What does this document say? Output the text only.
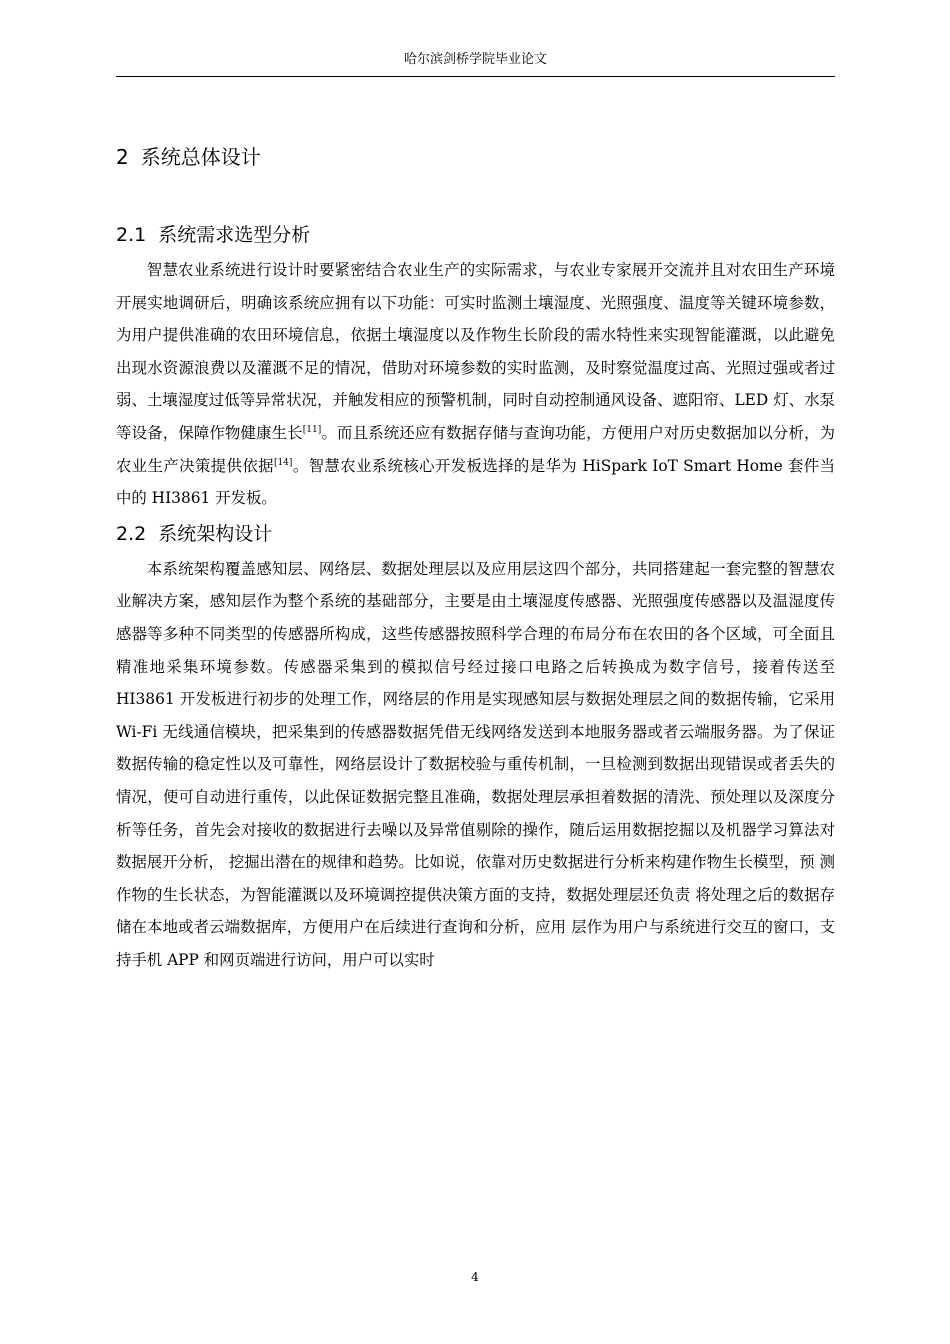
哈尔滨剑桥学院毕业论文
2 系统总体设计
2.1 系统需求选型分析

智慧农业系统进行设计时要紧密结合农业生产的实际需求，与农业专家展开交流并且对农田生产环境开展实地调研后，明确该系统应拥有以下功能：可实时监测土壤湿度、光照强度、温度等关键环境参数，为用户提供准确的农田环境信息，依据土壤湿度以及作物生长阶段的需水特性来实现智能灌溉，以此避免出现水资源浪费以及灌溉不足的情况，借助对环境参数的实时监测，及时察觉温度过高、光照过强或者过弱、土壤湿度过低等异常状况，并触发相应的预警机制，同时自动控制通风设备、遮阳帘、LED 灯、水泵等设备，保障作物健康生长[11]。而且系统还应有数据存储与查询功能，方便用户对历史数据加以分析，为农业生产决策提供依据[14]。智慧农业系统核心开发板选择的是华为 HiSpark IoT Smart Home 套件当中的 HI3861 开发板。

2.2 系统架构设计

本系统架构覆盖感知层、网络层、数据处理层以及应用层这四个部分，共同搭建起一套完整的智慧农业解决方案，感知层作为整个系统的基础部分，主要是由土壤湿度传感器、光照强度传感器以及温湿度传感器等多种不同类型的传感器所构成，这些传感器按照科学合理的布局分布在农田的各个区域，可全面且精准地采集环境参数。传感器采集到的模拟信号经过接口电路之后转换成为数字信号，接着传送至 HI3861 开发板进行初步的处理工作，网络层的作用是实现感知层与数据处理层之间的数据传输，它采用 Wi-Fi 无线通信模块，把采集到的传感器数据凭借无线网络发送到本地服务器或者云端服务器。为了保证数据传输的稳定性以及可靠性，网络层设计了数据校验与重传机制，一旦检测到数据出现错误或者丢失的情况，便可自动进行重传，以此保证数据完整且准确，数据处理层承担着数据的清洗、预处理以及深度分析等任务，首先会对接收的数据进行去噪以及异常值剔除的操作，随后运用数据挖掘以及机器学习算法对数据展开分析， 挖掘出潜在的规律和趋势。比如说，依靠对历史数据进行分析来构建作物生长模型，预 测作物的生长状态，为智能灌溉以及环境调控提供决策方面的支持，数据处理层还负责 将处理之后的数据存储在本地或者云端数据库，方便用户在后续进行查询和分析，应用 层作为用户与系统进行交互的窗口，支持手机 APP 和网页端进行访问，用户可以实时

4
